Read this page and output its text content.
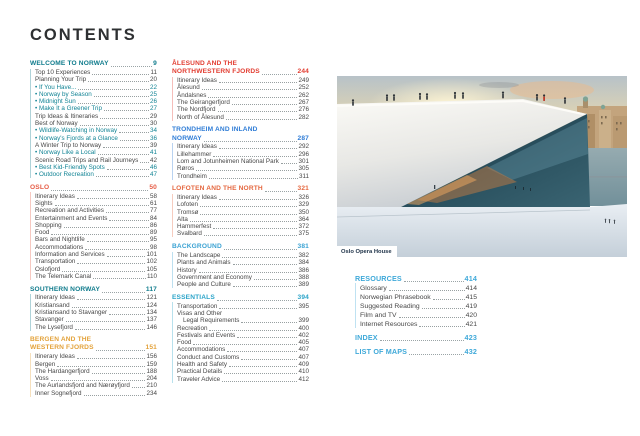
CONTENTS
WELCOME TO NORWAY	9
Top 10 Experiences	11
Planning Your Trip	20
• If You Have...	22
• Norway by Season	25
• Midnight Sun	26
• Make It a Greener Trip	27
Trip Ideas & Itineraries	29
Best of Norway	30
• Wildlife-Watching in Norway	34
• Norway's Fjords at a Glance	36
A Winter Trip to Norway	39
• Norway Like a Local	41
Scenic Road Trips and Rail Journeys 42
• Best Kid-Friendly Spots	46
• Outdoor Recreation	47
OSLO	50
Itinerary Ideas	58
Sights	61
Recreation and Activities	77
Entertainment and Events	84
Shopping	86
Food	89
Bars and Nightlife	95
Accommodations	98
Information and Services	101
Transportation	102
Oslofjord	105
The Telemark Canal	110
SOUTHERN NORWAY	117
Itinerary Ideas	121
Kristiansand	124
Kristiansand to Stavanger	134
Stavanger	137
The Lysefjord	146
BERGEN AND THE
WESTERN FJORDS	151
Itinerary Ideas	156
Bergen	159
The Hardangerfjord	188
Voss	204
The Aurlandsfjord and Nærøyfjord	210
Inner Sognefjord	234
ÅLESUND AND THE
NORTHWESTERN FJORDS	244
Itinerary Ideas	249
Ålesund	252
Åndalsnes	262
The Geirangerfjord	267
The Nordfjord	276
North of Ålesund	282
TRONDHEIM AND INLAND
NORWAY	287
Itinerary Ideas	292
Lillehammer	296
Lom and Jotunheimen National Park	301
Røros	305
Trondheim	311
LOFOTEN AND THE NORTH	321
Itinerary Ideas	326
Lofoten	329
Tromsø	350
Alta	364
Hammerfest	372
Svalbard	375
BACKGROUND	381
The Landscape	382
Plants and Animals	384
History	386
Government and Economy	388
People and Culture	389
ESSENTIALS	394
Transportation	395
Visas and Other
Legal Requirements	399
Recreation	400
Festivals and Events	402
Food	405
Accommodations	407
Conduct and Customs	407
Health and Safety	409
Practical Details	410
Traveler Advice	412
Oslo Opera House
RESOURCES	414
Glossary	414
Norwegian Phrasebook	415
Suggested Reading	419
Film and TV	420
Internet Resources	421
INDEX	423
LIST OF MAPS	432
